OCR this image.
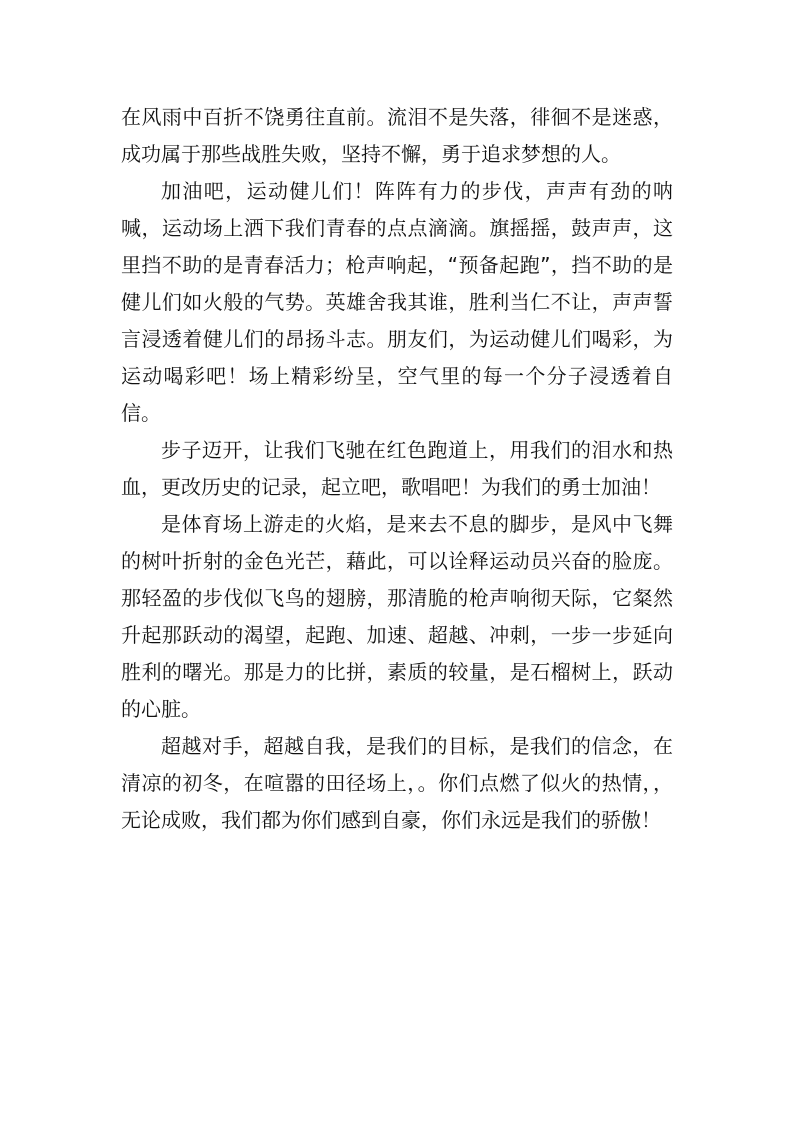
在风雨中百折不饶勇往直前。流泪不是失落，徘徊不是迷惑，成功属于那些战胜失败，坚持不懈，勇于追求梦想的人。

加油吧，运动健儿们！阵阵有力的步伐，声声有劲的呐喊，运动场上洒下我们青春的点点滴滴。旗摇摇，鼓声声，这里挡不助的是青春活力；枪声响起，“预备起跑”，挡不助的是健儿们如火般的气势。英雄舍我其谁，胜利当仁不让，声声誓言浸透着健儿们的昂扬斗志。朋友们，为运动健儿们喝彩，为运动喝彩吧！场上精彩纷呈，空气里的每一个分子浸透着自信。

步子迈开，让我们飞驰在红色跑道上，用我们的泪水和热血，更改历史的记录，起立吧，歌唱吧！为我们的勇士加油！

是体育场上游走的火焰，是来去不息的脚步，是风中飞舞的树叶折射的金色光芒，藉此，可以诠释运动员兴奋的脸庞。那轻盈的步伐似飞鸟的翅膀，那清脆的枪声响彻天际，它粲然升起那跃动的渴望，起跑、加速、超越、冲刺，一步一步延向胜利的曙光。那是力的比拼，素质的较量，是石榴树上，跃动的心脏。

超越对手，超越自我，是我们的目标，是我们的信念，在清凉的初冬，在喧嚣的田径场上，。你们点燃了似火的热情，，无论成败，我们都为你们感到自豪，你们永远是我们的骄傲！
